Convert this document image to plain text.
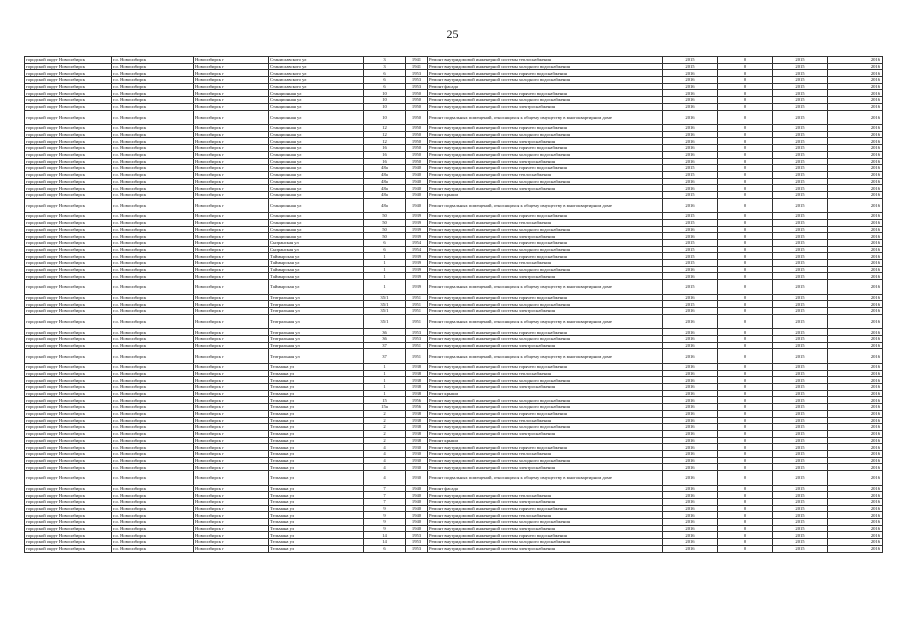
25
городской округ Новосибирск	г.о. Новосибирск	Новосибирск г	Станиславского ул	3	1941	Ремонт внутридомовой инженерной системы теплоснабжения	2015	0	2015	2016
городской округ Новосибирск	г.о. Новосибирск	Новосибирск г	Станиславского ул	3	1941	Ремонт внутридомовой инженерной системы холодного водоснабжения	2015	0	2015	2016
городской округ Новосибирск	г.о. Новосибирск	Новосибирск г	Станиславского ул	6	1953	Ремонт внутридомовой инженерной системы горячего водоснабжения	2016	0	2015	2016
городской округ Новосибирск	г.о. Новосибирск	Новосибирск г	Станиславского ул	6	1953	Ремонт внутридомовой инженерной системы холодного водоснабжения	2016	0	2015	2016
городской округ Новосибирск	г.о. Новосибирск	Новосибирск г	Станиславского ул	6	1953	Ремонт фасада	2016	0	2015	2016
городской округ Новосибирск	г.о. Новосибирск	Новосибирск г	Станционная ул	10	1950	Ремонт внутридомовой инженерной системы горячего водоснабжения	2016	0	2015	2016
городской округ Новосибирск	г.о. Новосибирск	Новосибирск г	Станционная ул	10	1950	Ремонт внутридомовой инженерной системы холодного водоснабжения	2016	0	2015	2016
городской округ Новосибирск	г.о. Новосибирск	Новосибирск г	Станционная ул	10	1950	Ремонт внутридомовой инженерной системы электроснабжения	2016	0	2015	2016
городской округ Новосибирск	г.о. Новосибирск	Новосибирск г	Станционная ул	10	1950	Ремонт подвальных помещений, относящихся к общему имуществу в многоквартирном доме	2016	0	2015	2016
городской округ Новосибирск	г.о. Новосибирск	Новосибирск г	Станционная ул	12	1950	Ремонт внутридомовой инженерной системы горячего водоснабжения	2016	0	2015	2016
городской округ Новосибирск	г.о. Новосибирск	Новосибирск г	Станционная ул	12	1950	Ремонт внутридомовой инженерной системы холодного водоснабжения	2016	0	2015	2016
городской округ Новосибирск	г.о. Новосибирск	Новосибирск г	Станционная ул	12	1950	Ремонт внутридомовой инженерной системы электроснабжения	2016	0	2015	2016
городской округ Новосибирск	г.о. Новосибирск	Новосибирск г	Станционная ул	16	1950	Ремонт внутридомовой инженерной системы горячего водоснабжения	2016	0	2015	2016
городской округ Новосибирск	г.о. Новосибирск	Новосибирск г	Станционная ул	16	1950	Ремонт внутридомовой инженерной системы холодного водоснабжения	2016	0	2015	2016
городской округ Новосибирск	г.о. Новосибирск	Новосибирск г	Станционная ул	16	1950	Ремонт внутридомовой инженерной системы электроснабжения	2016	0	2015	2016
городской округ Новосибирск	г.о. Новосибирск	Новосибирск г	Станционная ул	48а	1940	Ремонт внутридомовой инженерной системы горячего водоснабжения	2015	0	2015	2016
городской округ Новосибирск	г.о. Новосибирск	Новосибирск г	Станционная ул	48а	1940	Ремонт внутридомовой инженерной системы теплоснабжения	2015	0	2015	2016
городской округ Новосибирск	г.о. Новосибирск	Новосибирск г	Станционная ул	48а	1940	Ремонт внутридомовой инженерной системы холодного водоснабжения	2016	0	2015	2016
городской округ Новосибирск	г.о. Новосибирск	Новосибирск г	Станционная ул	48а	1940	Ремонт внутридомовой инженерной системы электроснабжения	2016	0	2015	2016
городской округ Новосибирск	г.о. Новосибирск	Новосибирск г	Станционная ул	48а	1940	Ремонт крыши	2015	0	2015	2016
городской округ Новосибирск	г.о. Новосибирск	Новосибирск г	Станционная ул	48а	1940	Ремонт подвальных помещений, относящихся к общему имуществу в многоквартирном доме	2016	0	2015	2016
городской округ Новосибирск	г.о. Новосибирск	Новосибирск г	Станционная ул	50	1939	Ремонт внутридомовой инженерной системы горячего водоснабжения	2015	0	2015	2016
городской округ Новосибирск	г.о. Новосибирск	Новосибирск г	Станционная ул	50	1939	Ремонт внутридомовой инженерной системы теплоснабжения	2015	0	2015	2016
городской округ Новосибирск	г.о. Новосибирск	Новосибирск г	Станционная ул	50	1939	Ремонт внутридомовой инженерной системы холодного водоснабжения	2016	0	2015	2016
городской округ Новосибирск	г.о. Новосибирск	Новосибирск г	Станционная ул	50	1939	Ремонт внутридомовой инженерной системы электроснабжения	2016	0	2015	2016
городской округ Новосибирск	г.о. Новосибирск	Новосибирск г	Сызранская ул	6	1954	Ремонт внутридомовой инженерной системы горячего водоснабжения	2015	0	2015	2016
городской округ Новосибирск	г.о. Новосибирск	Новосибирск г	Сызранская ул	6	1954	Ремонт внутридомовой инженерной системы холодного водоснабжения	2015	0	2015	2016
городской округ Новосибирск	г.о. Новосибирск	Новосибирск г	Таймырская ул	1	1939	Ремонт внутридомовой инженерной системы горячего водоснабжения	2015	0	2015	2016
городской округ Новосибирск	г.о. Новосибирск	Новосибирск г	Таймырская ул	1	1939	Ремонт внутридомовой инженерной системы теплоснабжения	2015	0	2015	2016
городской округ Новосибирск	г.о. Новосибирск	Новосибирск г	Таймырская ул	1	1939	Ремонт внутридомовой инженерной системы холодного водоснабжения	2016	0	2015	2016
городской округ Новосибирск	г.о. Новосибирск	Новосибирск г	Таймырская ул	1	1939	Ремонт внутридомовой инженерной системы электроснабжения	2016	0	2015	2016
городской округ Новосибирск	г.о. Новосибирск	Новосибирск г	Таймырская ул	1	1939	Ремонт подвальных помещений, относящихся к общему имуществу в многоквартирном доме	2015	0	2015	2016
городской округ Новосибирск	г.о. Новосибирск	Новосибирск г	Театральная ул	35/1	1951	Ремонт внутридомовой инженерной системы горячего водоснабжения	2016	0	2015	2016
городской округ Новосибирск	г.о. Новосибирск	Новосибирск г	Театральная ул	35/1	1951	Ремонт внутридомовой инженерной системы холодного водоснабжения	2015	0	2015	2016
городской округ Новосибирск	г.о. Новосибирск	Новосибирск г	Театральная ул	35/1	1951	Ремонт внутридомовой инженерной системы электроснабжения	2016	0	2015	2016
городской округ Новосибирск	г.о. Новосибирск	Новосибирск г	Театральная ул	35/1	1951	Ремонт подвальных помещений, относящихся к общему имуществу в многоквартирном доме	2016	0	2015	2016
городской округ Новосибирск	г.о. Новосибирск	Новосибирск г	Театральная ул	36	1953	Ремонт внутридомовой инженерной системы горячего водоснабжения	2016	0	2015	2016
городской округ Новосибирск	г.о. Новосибирск	Новосибирск г	Театральная ул	36	1953	Ремонт внутридомовой инженерной системы холодного водоснабжения	2016	0	2015	2016
городской округ Новосибирск	г.о. Новосибирск	Новосибирск г	Театральная ул	37	1951	Ремонт внутридомовой инженерной системы электроснабжения	2016	0	2015	2016
городской округ Новосибирск	г.о. Новосибирск	Новосибирск г	Театральная ул	37	1951	Ремонт подвальных помещений, относящихся к общему имуществу в многоквартирном доме	2016	0	2015	2016
городской округ Новосибирск	г.о. Новосибирск	Новосибирск г	Тельмана ул	1	1938	Ремонт внутридомовой инженерной системы горячего водоснабжения	2016	0	2015	2016
городской округ Новосибирск	г.о. Новосибирск	Новосибирск г	Тельмана ул	1	1938	Ремонт внутридомовой инженерной системы теплоснабжения	2016	0	2015	2016
городской округ Новосибирск	г.о. Новосибирск	Новосибирск г	Тельмана ул	1	1938	Ремонт внутридомовой инженерной системы холодного водоснабжения	2016	0	2015	2016
городской округ Новосибирск	г.о. Новосибирск	Новосибирск г	Тельмана ул	1	1938	Ремонт внутридомовой инженерной системы электроснабжения	2016	0	2015	2016
городской округ Новосибирск	г.о. Новосибирск	Новосибирск г	Тельмана ул	1	1938	Ремонт крыши	2016	0	2015	2016
городской округ Новосибирск	г.о. Новосибирск	Новосибирск г	Тельмана ул	15	1956	Ремонт внутридомовой инженерной системы холодного водоснабжения	2016	0	2015	2016
городской округ Новосибирск	г.о. Новосибирск	Новосибирск г	Тельмана ул	15а	1956	Ремонт внутридомовой инженерной системы холодного водоснабжения	2016	0	2015	2016
городской округ Новосибирск	г.о. Новосибирск	Новосибирск г	Тельмана ул	2	1938	Ремонт внутридомовой инженерной системы горячего водоснабжения	2016	0	2015	2016
городской округ Новосибирск	г.о. Новосибирск	Новосибирск г	Тельмана ул	2	1938	Ремонт внутридомовой инженерной системы теплоснабжения	2016	0	2015	2016
городской округ Новосибирск	г.о. Новосибирск	Новосибирск г	Тельмана ул	2	1938	Ремонт внутридомовой инженерной системы холодного водоснабжения	2016	0	2015	2016
городской округ Новосибирск	г.о. Новосибирск	Новосибирск г	Тельмана ул	2	1938	Ремонт внутридомовой инженерной системы электроснабжения	2016	0	2015	2016
городской округ Новосибирск	г.о. Новосибирск	Новосибирск г	Тельмана ул	2	1938	Ремонт крыши	2016	0	2015	2016
городской округ Новосибирск	г.о. Новосибирск	Новосибирск г	Тельмана ул	4	1930	Ремонт внутридомовой инженерной системы горячего водоснабжения	2016	0	2015	2016
городской округ Новосибирск	г.о. Новосибирск	Новосибирск г	Тельмана ул	4	1930	Ремонт внутридомовой инженерной системы теплоснабжения	2016	0	2015	2016
городской округ Новосибирск	г.о. Новосибирск	Новосибирск г	Тельмана ул	4	1930	Ремонт внутридомовой инженерной системы холодного водоснабжения	2016	0	2015	2016
городской округ Новосибирск	г.о. Новосибирск	Новосибирск г	Тельмана ул	4	1930	Ремонт внутридомовой инженерной системы электроснабжения	2016	0	2015	2016
городской округ Новосибирск	г.о. Новосибирск	Новосибирск г	Тельмана ул	4	1930	Ремонт подвальных помещений, относящихся к общему имуществу в многоквартирном доме	2016	0	2015	2016
городской округ Новосибирск	г.о. Новосибирск	Новосибирск г	Тельмана ул	7	1940	Ремонт фасада	2016	0	2015	2016
городской округ Новосибирск	г.о. Новосибирск	Новосибирск г	Тельмана ул	7	1940	Ремонт внутридомовой инженерной системы теплоснабжения	2016	0	2015	2016
городской округ Новосибирск	г.о. Новосибирск	Новосибирск г	Тельмана ул	7	1940	Ремонт внутридомовой инженерной системы электроснабжения	2016	0	2015	2016
городской округ Новосибирск	г.о. Новосибирск	Новосибирск г	Тельмана ул	9	1940	Ремонт внутридомовой инженерной системы горячего водоснабжения	2016	0	2015	2016
городской округ Новосибирск	г.о. Новосибирск	Новосибирск г	Тельмана ул	9	1940	Ремонт внутридомовой инженерной системы теплоснабжения	2016	0	2015	2016
городской округ Новосибирск	г.о. Новосибирск	Новосибирск г	Тельмана ул	9	1940	Ремонт внутридомовой инженерной системы холодного водоснабжения	2016	0	2015	2016
городской округ Новосибирск	г.о. Новосибирск	Новосибирск г	Тельмана ул	9	1940	Ремонт внутридомовой инженерной системы электроснабжения	2016	0	2015	2016
городской округ Новосибирск	г.о. Новосибирск	Новосибирск г	Тельмана ул	14	1953	Ремонт внутридомовой инженерной системы горячего водоснабжения	2016	0	2015	2016
городской округ Новосибирск	г.о. Новосибирск	Новосибирск г	Тельмана ул	14	1953	Ремонт внутридомовой инженерной системы холодного водоснабжения	2016	0	2015	2016
городской округ Новосибирск	г.о. Новосибирск	Новосибирск г	Тельмана ул	6	1953	Ремонт внутридомовой инженерной системы электроснабжения	2016	0	2015	2016
